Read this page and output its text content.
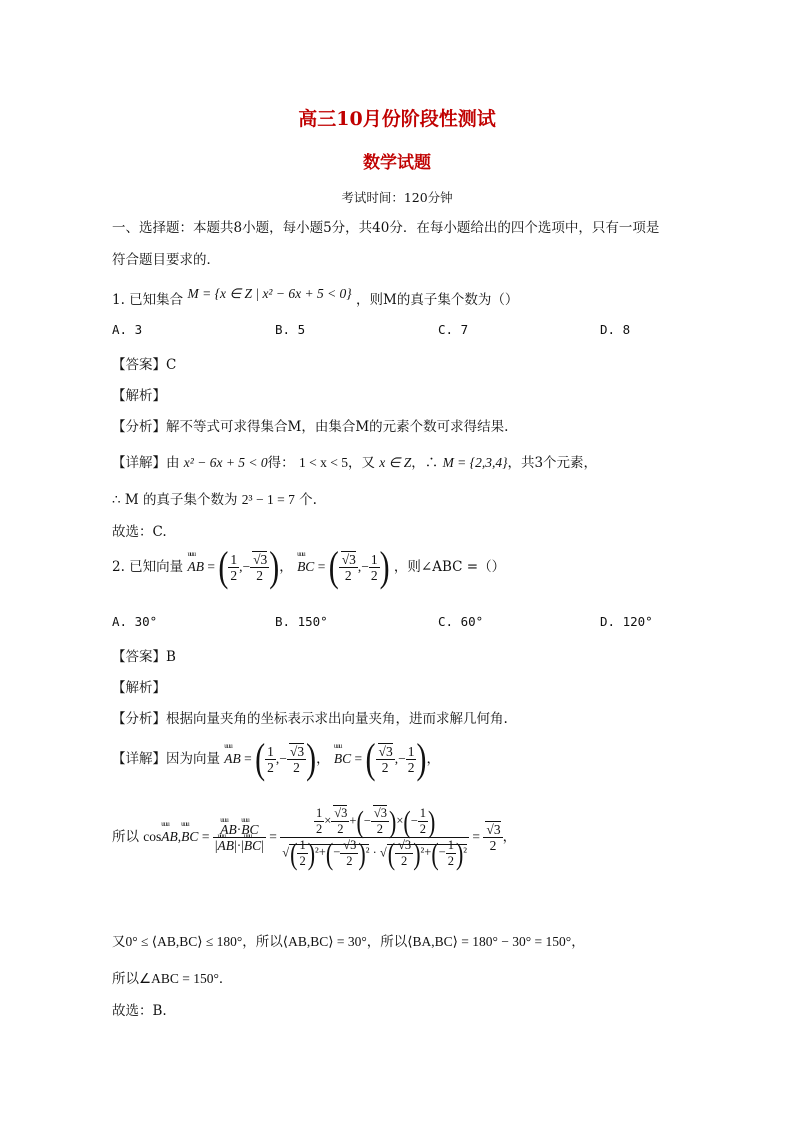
高三10月份阶段性测试
数学试题
考试时间：120分钟
一、选择题：本题共8小题，每小题5分，共40分．在每小题给出的四个选项中，只有一项是
符合题目要求的．
1. 已知集合 M = {x ∈ Z | x² − 6x + 5 < 0} ，则M的真子集个数为（）
A. 3	B. 5	C. 7	D. 8
【答案】C
【解析】
【分析】解不等式可求得集合M，由集合M的元素个数可求得结果.
【详解】由 x² − 6x + 5 < 0得： 1 < x < 5，又 x ∈ Z，∴ M = {2,3,4}，共3个元素，
∴ M 的真子集个数为 2³ − 1 = 7 个.
故选：C.
2. 已知向量 uuu AB = ( $\frac{1}{2}$ ,− $\frac{√3}{2}$ )， uuu BC = ( $\frac{√3}{2}$ ,− $\frac{1}{2}$ ) ，则∠ABC =（）
A. 30°	B. 150°	C. 60°	D. 120°
【答案】B
【解析】
【分析】根据向量夹角的坐标表示求出向量夹角，进而求解几何角.
【详解】因为向量 uuu AB = ( $\frac{1}{2}$ ,− $\frac{√3}{2}$ )， uuu BC = ( $\frac{√3}{2}$ ,− $\frac{1}{2}$ )，
所以 cosuuu AB,uuu BC = uuu $\frac{\text{AB·uuu BC}}{\text{|uuu AB|·|uuu BC|}} = \frac{\frac{1}{2} \times \frac{√3}{2} +(- \frac{√3}{2} )\times(- \frac{1}{2} )}{√( \frac{1}{2} )^2+(- \frac{√3}{2} )^2 \cdot √( \frac{√3}{2} )^2+(- \frac{1}{2} )^2} = \frac{√3}{2}$ ，
又0° ≤ ⟨AB,BC⟩ ≤ 180°，所以⟨AB,BC⟩ = 30°，所以⟨BA,BC⟩ = 180° − 30° = 150°，
所以∠ABC = 150°．
故选：B.
